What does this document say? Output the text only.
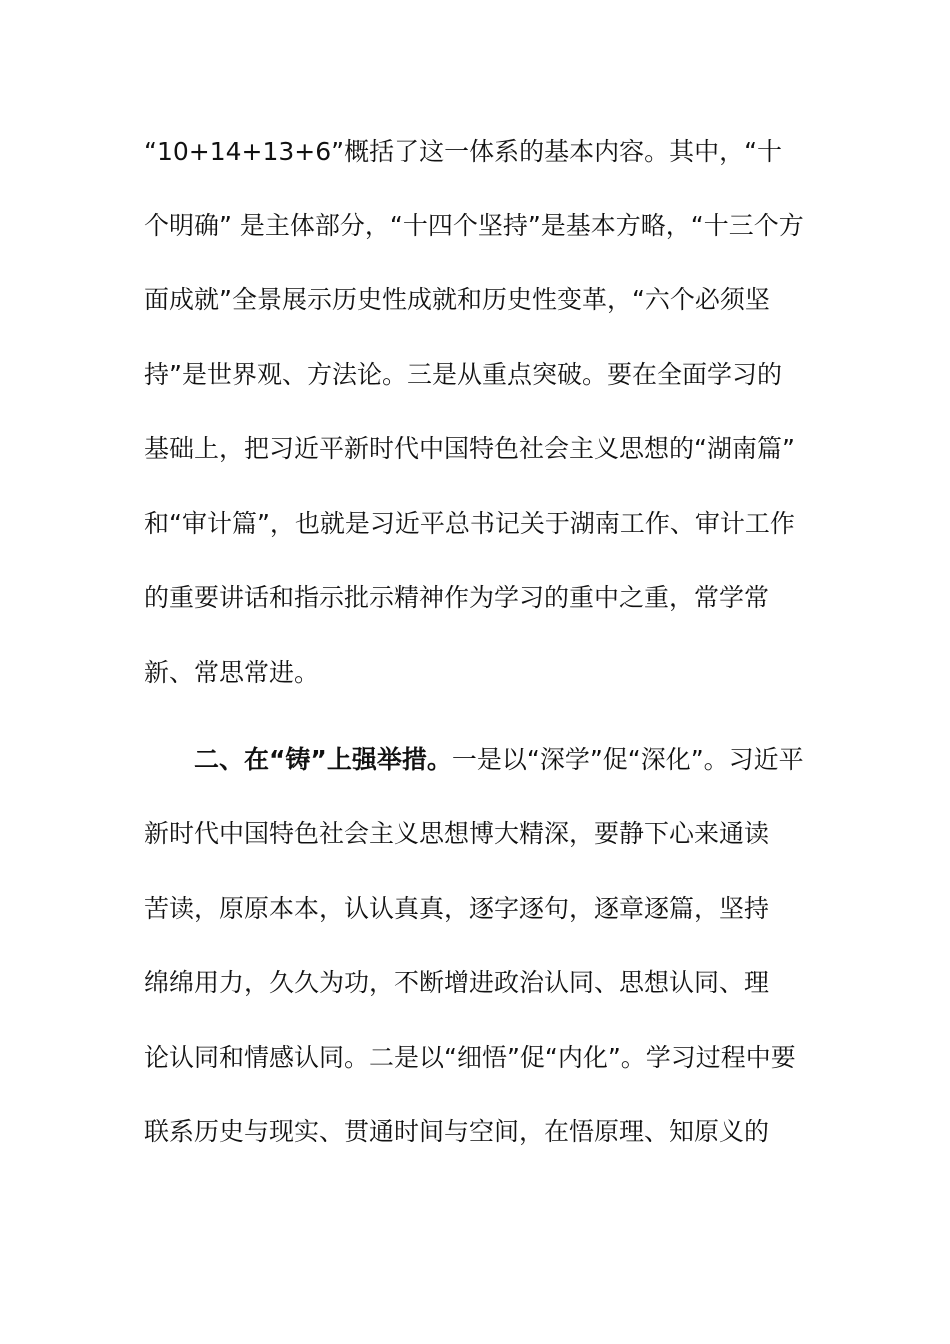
“10+14+13+6”概括了这一体系的基本内容。其中，“十
个明确” 是主体部分，“十四个坚持”是基本方略，“十三个方
面成就”全景展示历史性成就和历史性变革，“六个必须坚
持”是世界观、方法论。三是从重点突破。要在全面学习的
基础上，把习近平新时代中国特色社会主义思想的“湖南篇”
和“审计篇”，也就是习近平总书记关于湖南工作、审计工作
的重要讲话和指示批示精神作为学习的重中之重，常学常
新、常思常进。
二、在“铸”上强举措。一是以“深学”促“深化”。习近平
新时代中国特色社会主义思想博大精深，要静下心来通读
苦读，原原本本，认认真真，逐字逐句，逐章逐篇，坚持
绵绵用力，久久为功，不断增进政治认同、思想认同、理
论认同和情感认同。二是以“细悟”促“内化”。学习过程中要
联系历史与现实、贯通时间与空间，在悟原理、知原义的
